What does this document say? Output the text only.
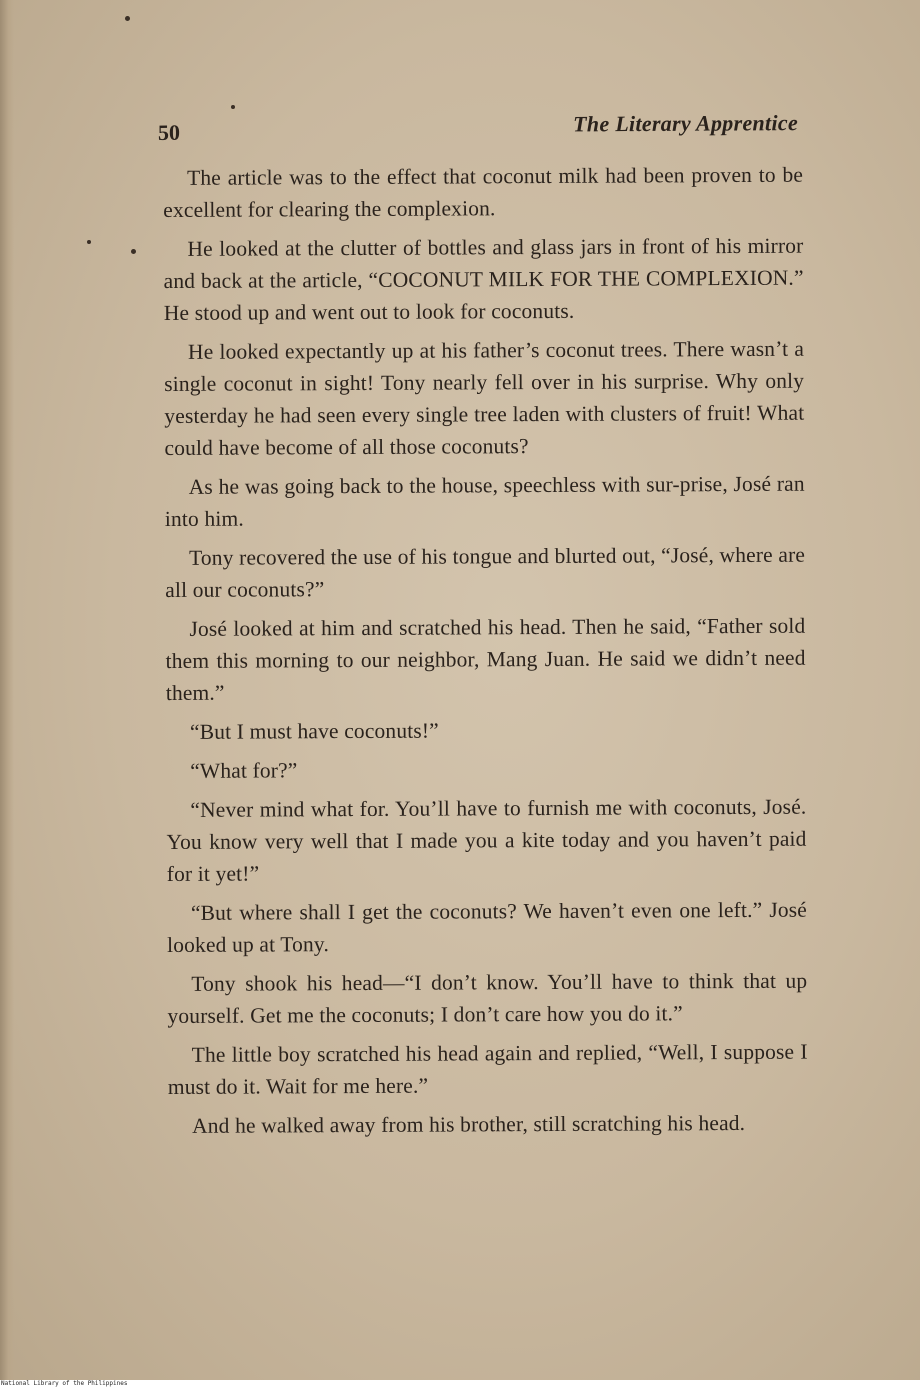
50	The Literary Apprentice

The article was to the effect that coconut milk had been proven to be excellent for clearing the complexion.

He looked at the clutter of bottles and glass jars in front of his mirror and back at the article, “COCONUT MILK FOR THE COMPLEXION.” He stood up and went out to look for coconuts.

He looked expectantly up at his father’s coconut trees. There wasn’t a single coconut in sight! Tony nearly fell over in his surprise. Why only yesterday he had seen every single tree laden with clusters of fruit! What could have become of all those coconuts?

As he was going back to the house, speechless with sur-prise, José ran into him.

Tony recovered the use of his tongue and blurted out, “José, where are all our coconuts?”

José looked at him and scratched his head. Then he said, “Father sold them this morning to our neighbor, Mang Juan. He said we didn’t need them.”

“But I must have coconuts!”

“What for?”

“Never mind what for. You’ll have to furnish me with coconuts, José. You know very well that I made you a kite today and you haven’t paid for it yet!”

“But where shall I get the coconuts? We haven’t even one left.” José looked up at Tony.

Tony shook his head—“I don’t know. You’ll have to think that up yourself. Get me the coconuts; I don’t care how you do it.”

The little boy scratched his head again and replied, “Well, I suppose I must do it. Wait for me here.”

And he walked away from his brother, still scratching his head.

National Library of the Philippines
